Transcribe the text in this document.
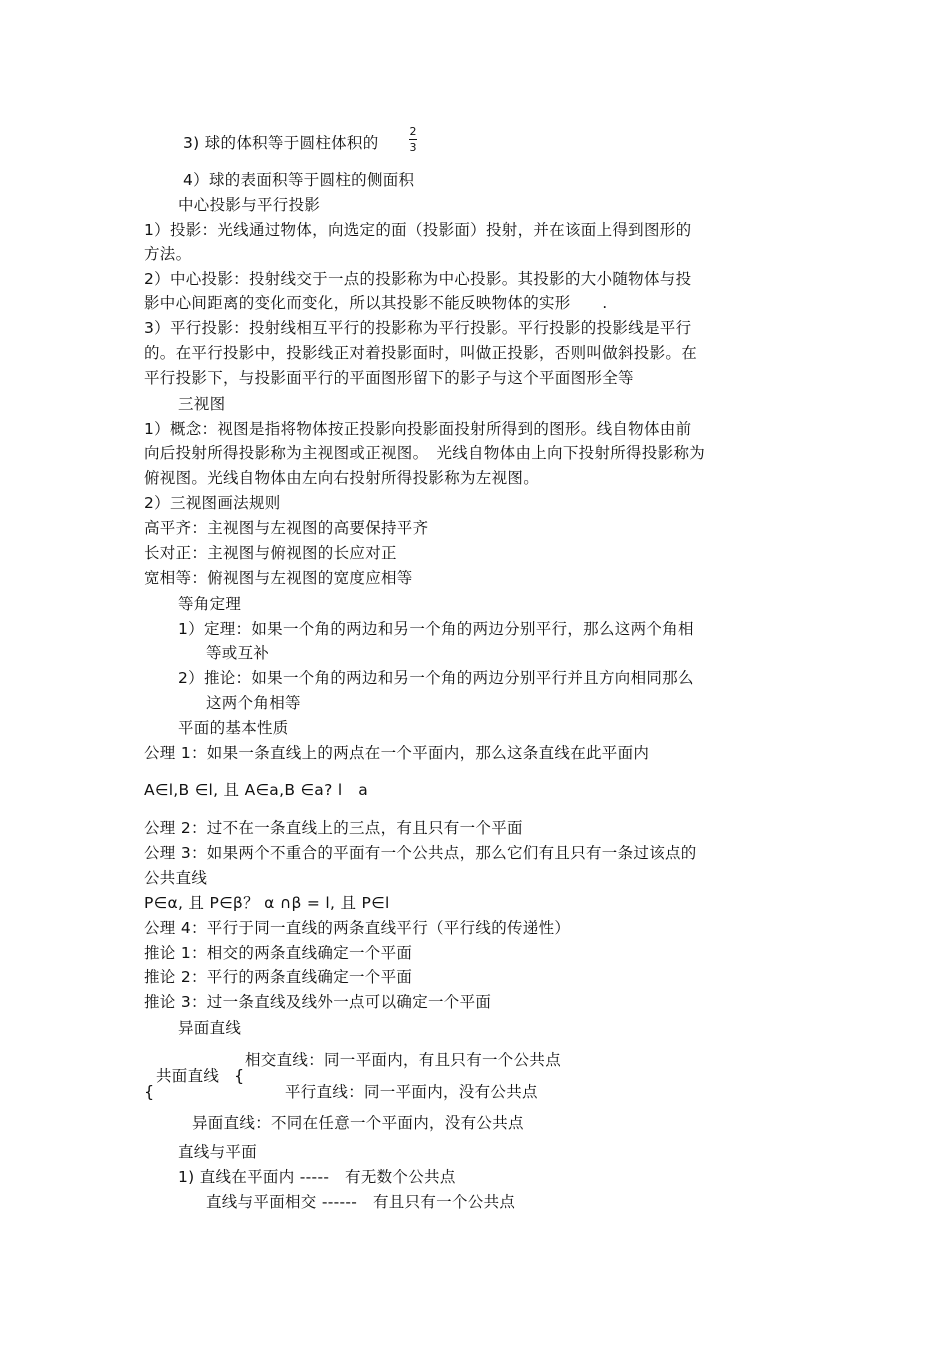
3) 球的体积等于圆柱体积的
2
3
4）球的表面积等于圆柱的侧面积
中心投影与平行投影
1）投影：光线通过物体，向选定的面（投影面）投射，并在该面上得到图形的
方法。
2）中心投影：投射线交于一点的投影称为中心投影。其投影的大小随物体与投
影中心间距离的变化而变化，所以其投影不能反映物体的实形　　.
3）平行投影：投射线相互平行的投影称为平行投影。平行投影的投影线是平行
的。在平行投影中，投影线正对着投影面时，叫做正投影，否则叫做斜投影。在
平行投影下，与投影面平行的平面图形留下的影子与这个平面图形全等
三视图
1）概念：视图是指将物体按正投影向投影面投射所得到的图形。线自物体由前
向后投射所得投影称为主视图或正视图。　光线自物体由上向下投射所得投影称为
俯视图。光线自物体由左向右投射所得投影称为左视图。
2）三视图画法规则
高平齐：主视图与左视图的高要保持平齐
长对正：主视图与俯视图的长应对正
宽相等：俯视图与左视图的宽度应相等
等角定理
1）定理：如果一个角的两边和另一个角的两边分别平行，那么这两个角相
等或互补
2）推论：如果一个角的两边和另一个角的两边分别平行并且方向相同那么
这两个角相等
平面的基本性质
公理 1：如果一条直线上的两点在一个平面内，那么这条直线在此平面内
A∈l,B ∈l, 且 A∈a,B ∈a? l　a
公理 2：过不在一条直线上的三点，有且只有一个平面
公理 3：如果两个不重合的平面有一个公共点，那么它们有且只有一条过该点的
公共直线
P∈α, 且 P∈β？ α ∩β = l, 且 P∈l
公理 4：平行于同一直线的两条直线平行（平行线的传递性）
推论 1：相交的两条直线确定一个平面
推论 2：平行的两条直线确定一个平面
推论 3：过一条直线及线外一点可以确定一个平面
异面直线
相交直线：同一平面内，有且只有一个公共点
共面直线 {
{	平行直线：同一平面内，没有公共点
异面直线：不同在任意一个平面内，没有公共点
直线与平面
1) 直线在平面内 -----　有无数个公共点
直线与平面相交 ------　有且只有一个公共点
